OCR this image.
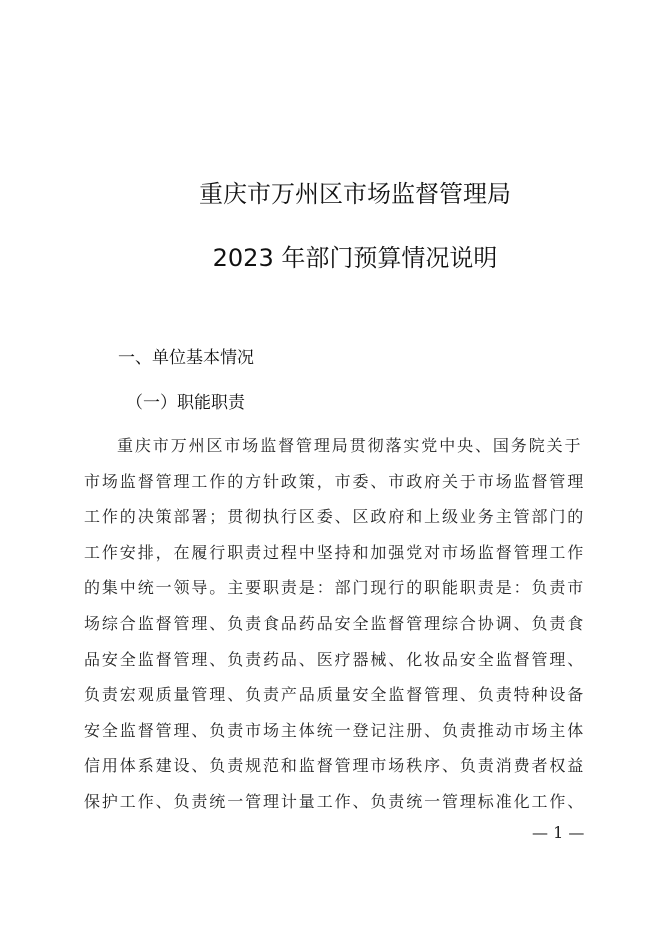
重庆市万州区市场监督管理局
2023 年部门预算情况说明
一、单位基本情况
（一）职能职责
重庆市万州区市场监督管理局贯彻落实党中央、国务院关于
市场监督管理工作的方针政策，市委、市政府关于市场监督管理
工作的决策部署；贯彻执行区委、区政府和上级业务主管部门的
工作安排，在履行职责过程中坚持和加强党对市场监督管理工作
的集中统一领导。主要职责是：部门现行的职能职责是：负责市
场综合监督管理、负责食品药品安全监督管理综合协调、负责食
品安全监督管理、负责药品、医疗器械、化妆品安全监督管理、
负责宏观质量管理、负责产品质量安全监督管理、负责特种设备
安全监督管理、负责市场主体统一登记注册、负责推动市场主体
信用体系建设、负责规范和监督管理市场秩序、负责消费者权益
保护工作、负责统一管理计量工作、负责统一管理标准化工作、
— 1 —
